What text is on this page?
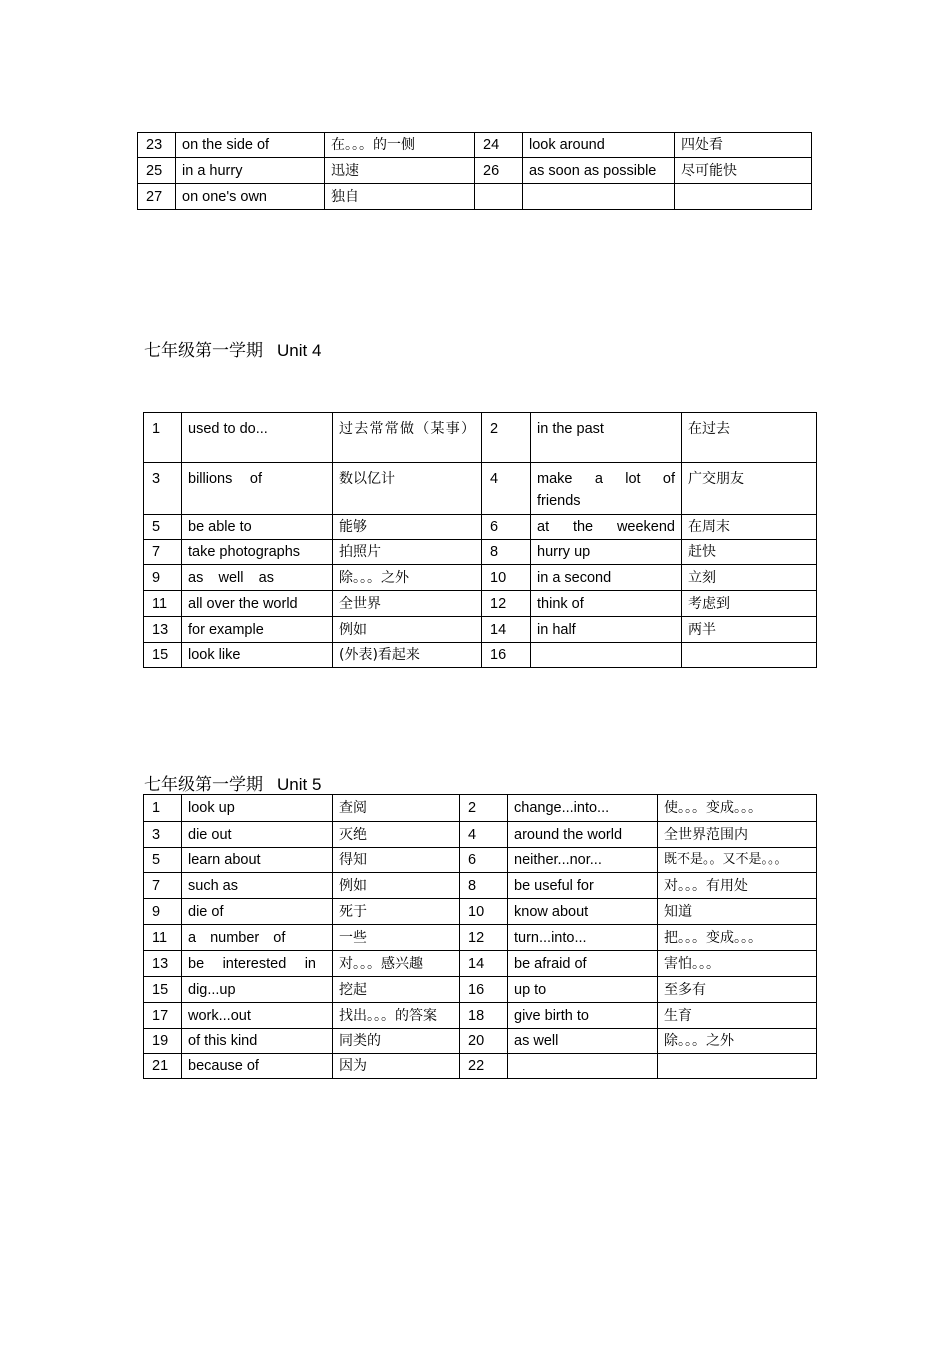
23	on the side of	在。。。的一侧	24	look around	四处看
25	in a hurry	迅速	26	as soon as possible	尽可能快
27	on one's own	独自			
七年级第一学期 Unit 4
1	used to do...	过去常常做（某事）	2	in the past	在过去
3	billions of	数以亿计	4	make a lot of friends	广交朋友
5	be able to	能够	6	at the weekend	在周末
7	take photographs	拍照片	8	hurry up	赶快
9	as well as	除。。。之外	10	in a second	立刻
11	all over the world	全世界	12	think of	考虑到
13	for example	例如	14	in half	两半
15	look like	(外表)看起来	16		
七年级第一学期 Unit 5
1	look up	查阅	2	change...into...	使。。。变成。。。
3	die out	灭绝	4	around the world	全世界范围内
5	learn about	得知	6	neither...nor...	既不是。。又不是。。。
7	such as	例如	8	be useful for	对。。。有用处
9	die of	死于	10	know about	知道
11	a number of	一些	12	turn...into...	把。。。变成。。。
13	be interested in	对。。。感兴趣	14	be afraid of	害怕。。。
15	dig...up	挖起	16	up to	至多有
17	work...out	找出。。。的答案	18	give birth to	生育
19	of this kind	同类的	20	as well	除。。。之外
21	because of	因为	22		
